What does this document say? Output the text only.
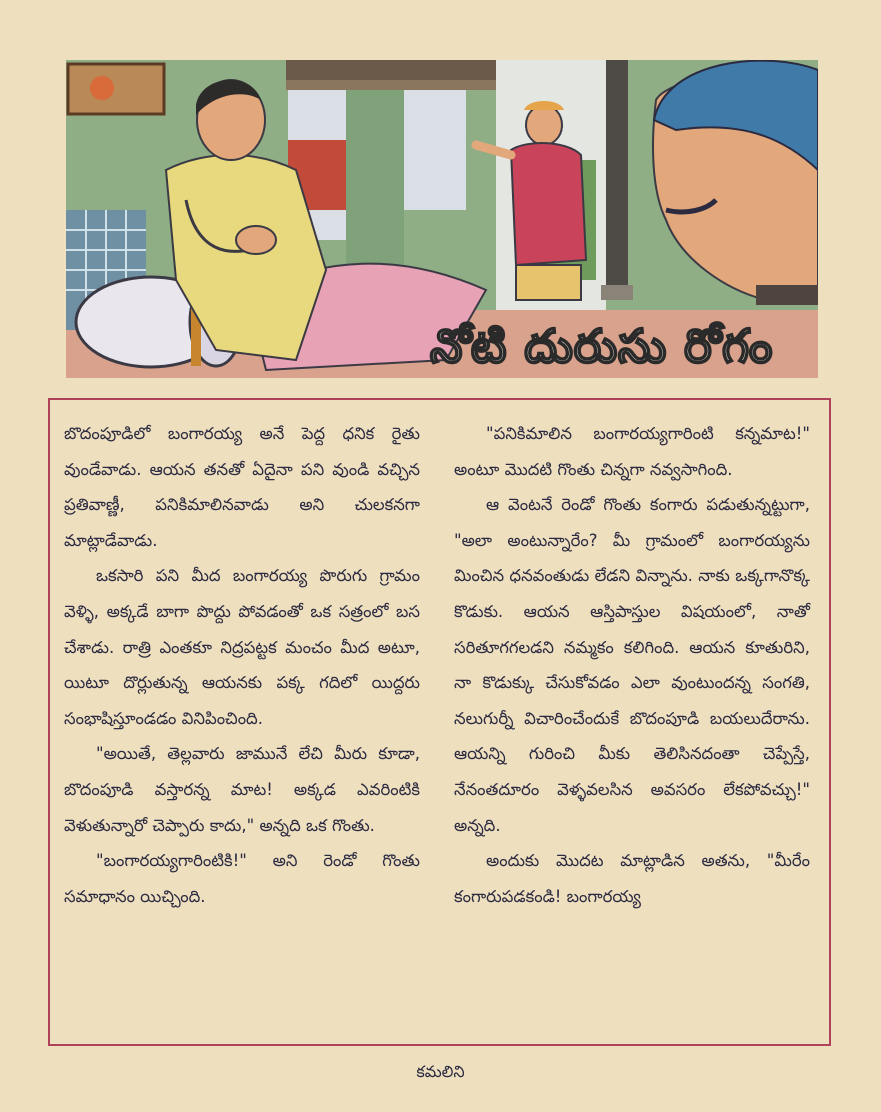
నోటి దురుసు రోగం

బొదంపూడిలో బంగారయ్య అనే పెద్ద ధనిక రైతు వుండేవాడు. ఆయన తనతో ఏదైనా పని వుండి వచ్చిన ప్రతివాణ్ణీ, పనికిమాలినవాడు అని చులకనగా మాట్లాడేవాడు.

ఒకసారి పని మీద బంగారయ్య పొరుగు గ్రామం వెళ్ళి, అక్కడే బాగా పొద్దు పోవడంతో ఒక సత్రంలో బస చేశాడు. రాత్రి ఎంతకూ నిద్రపట్టక మంచం మీద అటూ, యిటూ దొర్లుతున్న ఆయనకు పక్క గదిలో యిద్దరు సంభాషిస్తూండడం వినిపించింది.

"అయితే, తెల్లవారు జామునే లేచి మీరు కూడా, బొదంపూడి వస్తారన్న మాట! అక్కడ ఎవరింటికి వెళుతున్నారో చెప్పారు కాదు," అన్నది ఒక గొంతు.

"బంగారయ్యగారింటికి!" అని రెండో గొంతు సమాధానం యిచ్చింది.

"పనికిమాలిన బంగారయ్యగారింటి కన్నమాట!" అంటూ మొదటి గొంతు చిన్నగా నవ్వసాగింది.

ఆ వెంటనే రెండో గొంతు కంగారు పడుతున్నట్టుగా, "అలా అంటున్నారేం? మీ గ్రామంలో బంగారయ్యను మించిన ధనవంతుడు లేడని విన్నాను. నాకు ఒక్కగానొక్క కొడుకు. ఆయన ఆస్తిపాస్తుల విషయంలో, నాతో సరితూగగలడని నమ్మకం కలిగింది. ఆయన కూతురిని, నా కొడుక్కు చేసుకోవడం ఎలా వుంటుందన్న సంగతి, నలుగుర్నీ విచారించేందుకే బొదంపూడి బయలుదేరాను. ఆయన్ని గురించి మీకు తెలిసినదంతా చెప్పేస్తే, నేనంతదూరం వెళ్ళవలసిన అవసరం లేకపోవచ్చు!" అన్నది.

అందుకు మొదట మాట్లాడిన అతను, "మీరేం కంగారుపడకండి! బంగారయ్య

కమలిని
